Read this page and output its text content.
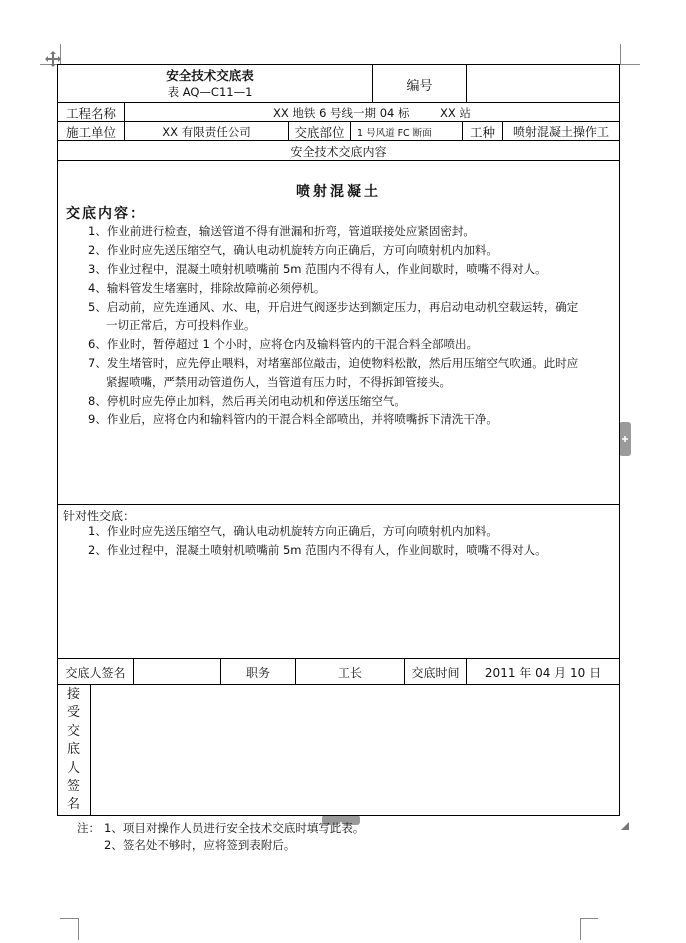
安全技术交底表
表 AQ—C11—1	编号
工程名称	XX 地铁 6 号线一期 04 标	XX 站
施工单位	XX 有限责任公司	交底部位	1 号风道 FC 断面	工种	喷射混凝土操作工
安全技术交底内容
喷射混凝土
交底内容：
1、作业前进行检查，输送管道不得有泄漏和折弯，管道联接处应紧固密封。
2、作业时应先送压缩空气，确认电动机旋转方向正确后，方可向喷射机内加料。
3、作业过程中，混凝土喷射机喷嘴前 5m 范围内不得有人，作业间歇时，喷嘴不得对人。
4、输料管发生堵塞时，排除故障前必须停机。
5、启动前，应先连通风、水、电，开启进气阀逐步达到额定压力，再启动电动机空载运转，确定
一切正常后，方可投料作业。
6、作业时，暂停超过 1 个小时，应将仓内及输料管内的干混合料全部喷出。
7、发生堵管时，应先停止喂料，对堵塞部位敲击，迫使物料松散，然后用压缩空气吹通。此时应
紧握喷嘴，严禁用动管道伤人，当管道有压力时，不得拆卸管接头。
8、停机时应先停止加料，然后再关闭电动机和停送压缩空气。
9、作业后，应将仓内和输料管内的干混合料全部喷出，并将喷嘴拆下清洗干净。
针对性交底：
1、作业时应先送压缩空气，确认电动机旋转方向正确后，方可向喷射机内加料。
2、作业过程中，混凝土喷射机喷嘴前 5m 范围内不得有人，作业间歇时，喷嘴不得对人。
交底人签名	职务	工长	交底时间	2011 年 04 月 10 日
接受交底人签名
注： 1、项目对操作人员进行安全技术交底时填写此表。
2、签名处不够时，应将签到表附后。
